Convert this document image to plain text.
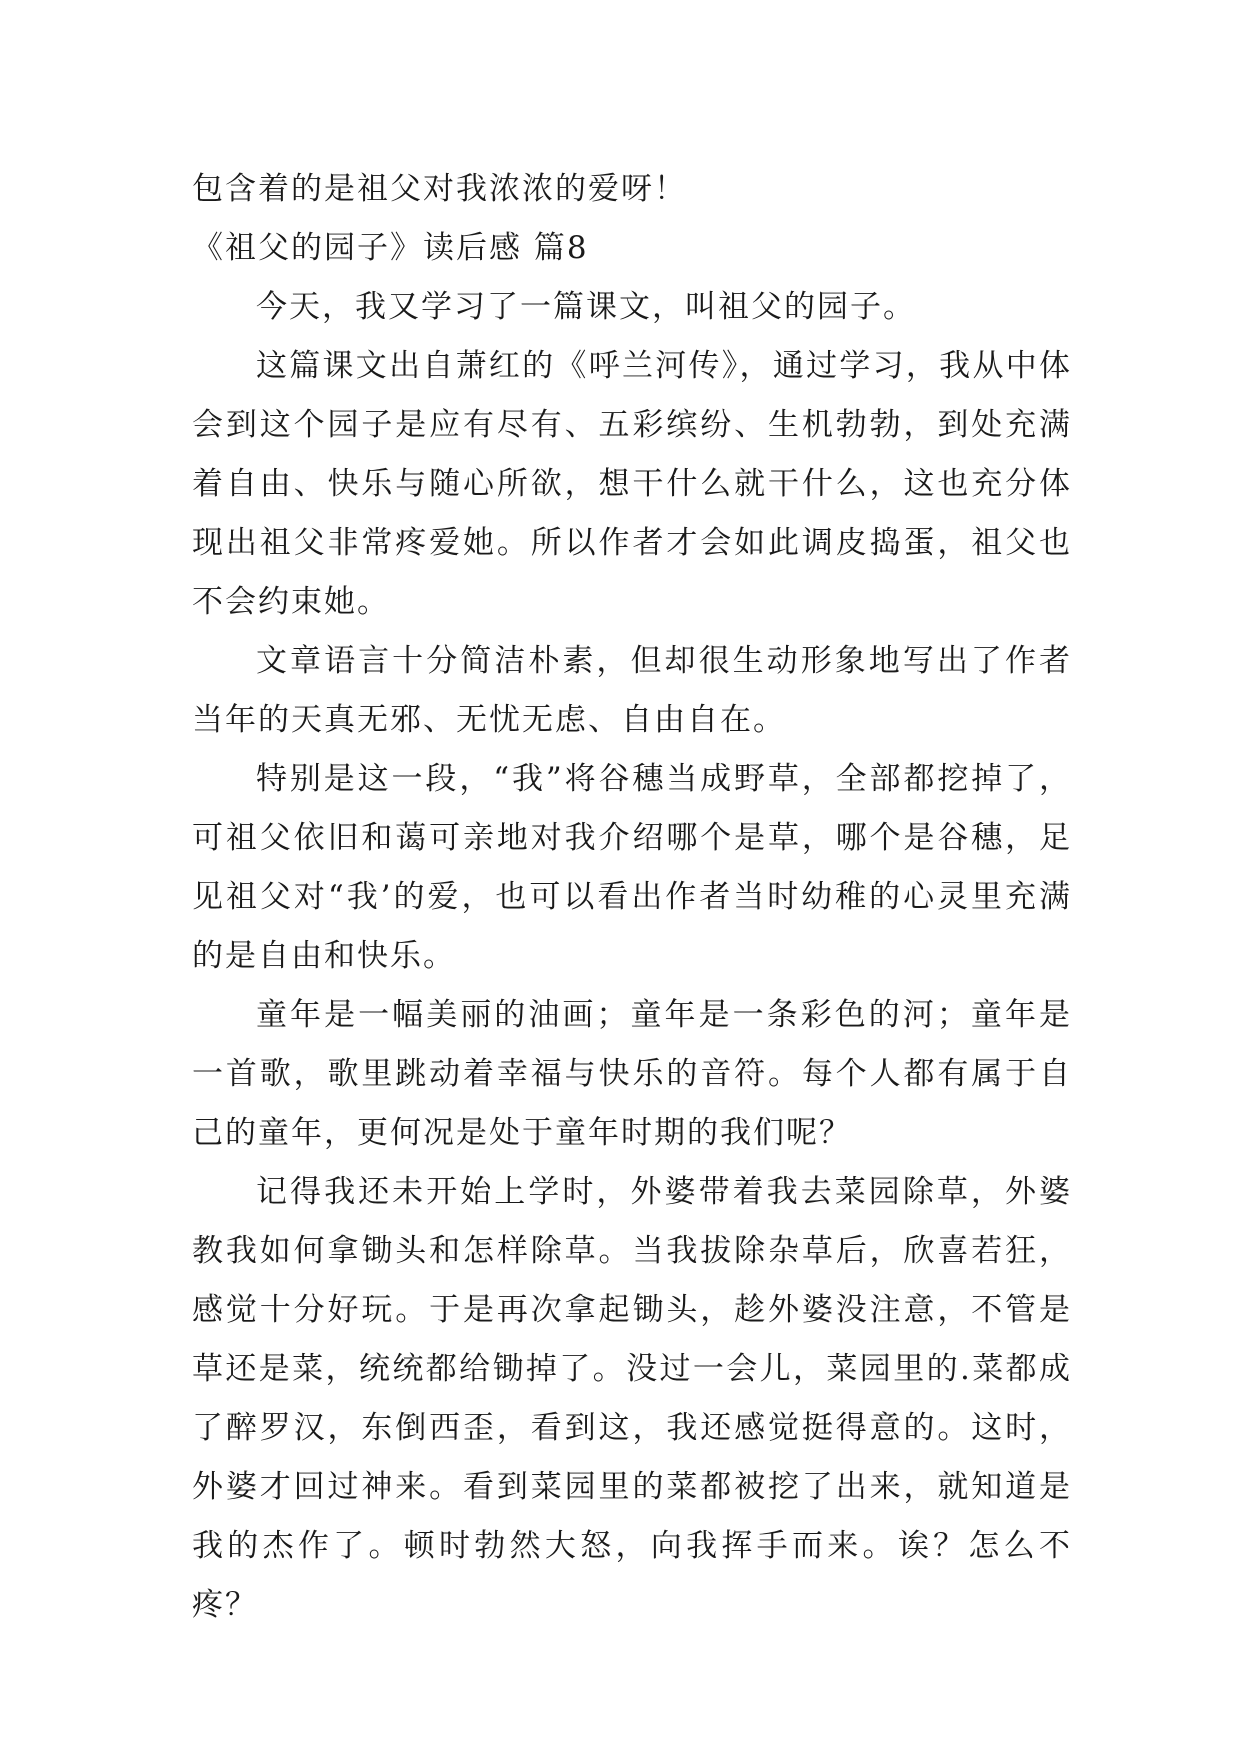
包含着的是祖父对我浓浓的爱呀！

《祖父的园子》读后感 篇8

今天，我又学习了一篇课文，叫祖父的园子。

这篇课文出自萧红的《呼兰河传》，通过学习，我从中体会到这个园子是应有尽有、五彩缤纷、生机勃勃，到处充满着自由、快乐与随心所欲，想干什么就干什么，这也充分体现出祖父非常疼爱她。所以作者才会如此调皮捣蛋，祖父也不会约束她。

文章语言十分简洁朴素，但却很生动形象地写出了作者当年的天真无邪、无忧无虑、自由自在。

特别是这一段，“我”将谷穗当成野草，全部都挖掉了，可祖父依旧和蔼可亲地对我介绍哪个是草，哪个是谷穗，足见祖父对“我’的爱，也可以看出作者当时幼稚的心灵里充满的是自由和快乐。

童年是一幅美丽的油画；童年是一条彩色的河；童年是一首歌，歌里跳动着幸福与快乐的音符。每个人都有属于自己的童年，更何况是处于童年时期的我们呢？

记得我还未开始上学时，外婆带着我去菜园除草，外婆教我如何拿锄头和怎样除草。当我拔除杂草后，欣喜若狂，感觉十分好玩。于是再次拿起锄头，趁外婆没注意，不管是草还是菜，统统都给锄掉了。没过一会儿，菜园里的.菜都成了醉罗汉，东倒西歪，看到这，我还感觉挺得意的。这时，外婆才回过神来。看到菜园里的菜都被挖了出来，就知道是我的杰作了。顿时勃然大怒，向我挥手而来。诶？怎么不疼？
